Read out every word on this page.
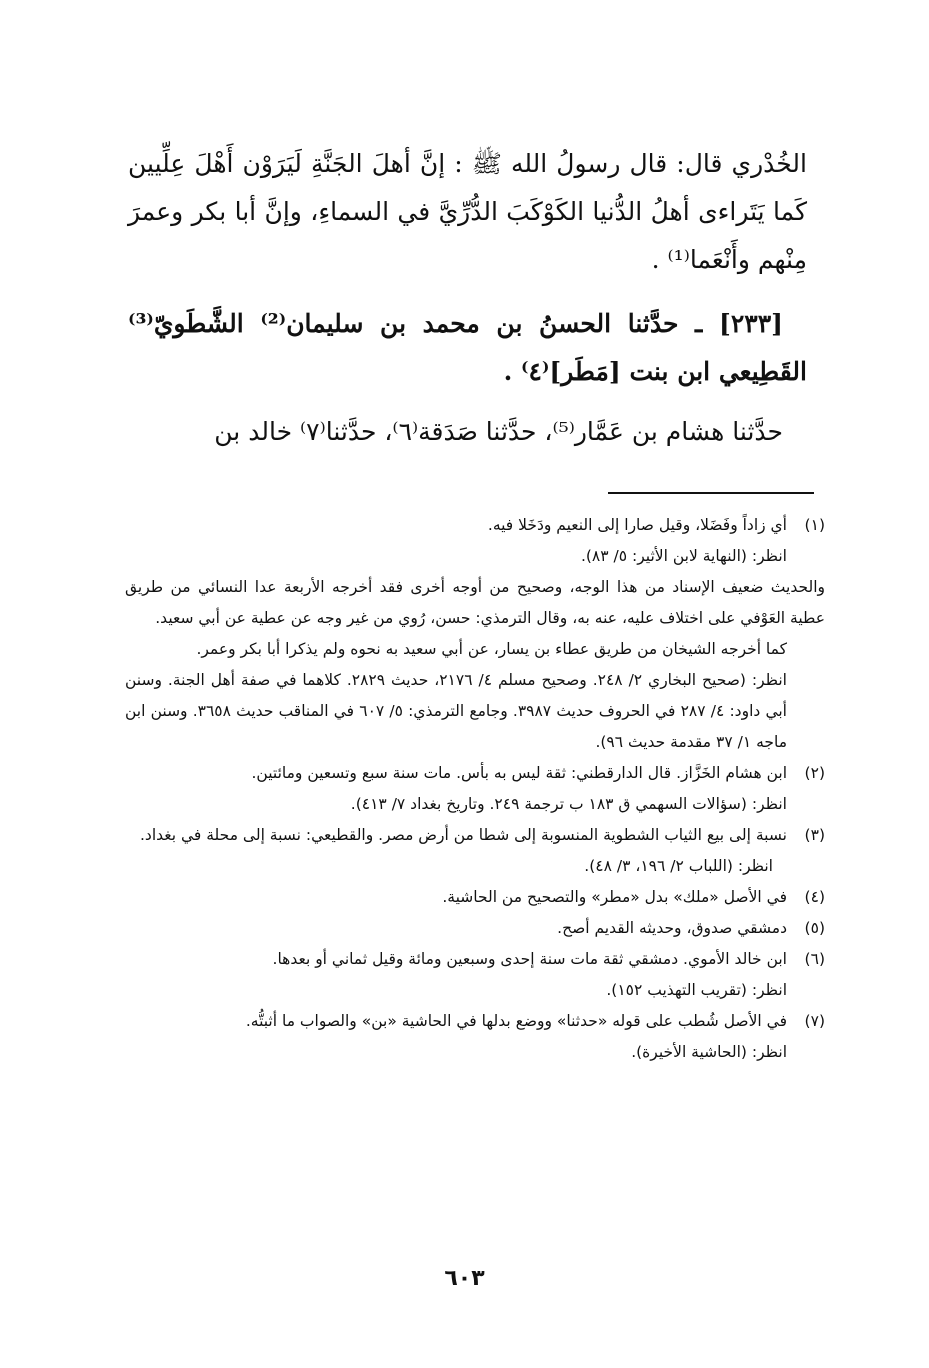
الخُدْري قال: قال رسولُ الله ﷺ : إنَّ أهلَ الجَنَّةِ لَيَرَوْن أَهْلَ عِلِّيين كَما يَتَراءى أهلُ الدُّنيا الكَوْكَبَ الدُّرِّيَّ في السماءِ، وإنَّ أبا بكر وعمرَ مِنْهم وأَنْعَما⁽¹⁾ .

[٢٣٣] ـ حدَّثنا الحسنُ بن محمد بن سليمان⁽²⁾ الشَّطَويّ⁽³⁾ القَطِيعي ابن بنت [مَطَر]⁽٤⁾ .

حدَّثنا هشام بن عَمَّار⁽⁵⁾، حدَّثنا صَدَقة⁽٦⁾، حدَّثنا⁽٧⁾ خالد بن

(١)
أي زاداً وفَضَلا، وقيل صارا إلى النعيم ودَخَلا فيه.

انظر: (النهاية لابن الأثير: ٥/ ٨٣).

والحديث ضعيف الإسناد من هذا الوجه، وصحيح من أوجه أخرى فقد أخرجه الأربعة عدا النسائي من طريق عطية العَوْفي على اختلاف عليه، عنه به، وقال الترمذي: حسن، رُوي من غير وجه عن عطية عن أبي سعيد.

كما أخرجه الشيخان من طريق عطاء بن يسار، عن أبي سعيد به نحوه ولم يذكرا أبا بكر وعمر.

انظر: (صحيح البخاري ٢/ ٢٤٨. وصحيح مسلم ٤/ ٢١٧٦، حديث ٢٨٢٩. كلاهما في صفة أهل الجنة. وسنن أبي داود: ٤/ ٢٨٧ في الحروف حديث ٣٩٨٧. وجامع الترمذي: ٥/ ٦٠٧ في المناقب حديث ٣٦٥٨. وسنن ابن ماجه ١/ ٣٧ مقدمة حديث ٩٦).

(٢)
ابن هشام الخَزَّاز. قال الدارقطني: ثقة ليس به بأس. مات سنة سبع وتسعين ومائتين.

انظر: (سؤالات السهمي ق ١٨٣ ب ترجمة ٢٤٩. وتاريخ بغداد ٧/ ٤١٣).

(٣)
نسبة إلى بيع الثياب الشطوية المنسوبة إلى شطا من أرض مصر. والقطيعي: نسبة إلى محلة في بغداد.

انظر: (اللباب ٢/ ١٩٦، ٣/ ٤٨).

(٤)
في الأصل «ملك» بدل «مطر» والتصحيح من الحاشية.

(٥)
دمشقي صدوق، وحديثه القديم أصح.

(٦)
ابن خالد الأموي. دمشقي ثقة مات سنة إحدى وسبعين ومائة وقيل ثماني أو بعدها.

انظر: (تقريب التهذيب ١٥٢).

(٧)
في الأصل شُطب على قوله «حدثنا» ووضع بدلها في الحاشية «بن» والصواب ما أثبتُّه.

انظر: (الحاشية الأخيرة).

٦٠٣
